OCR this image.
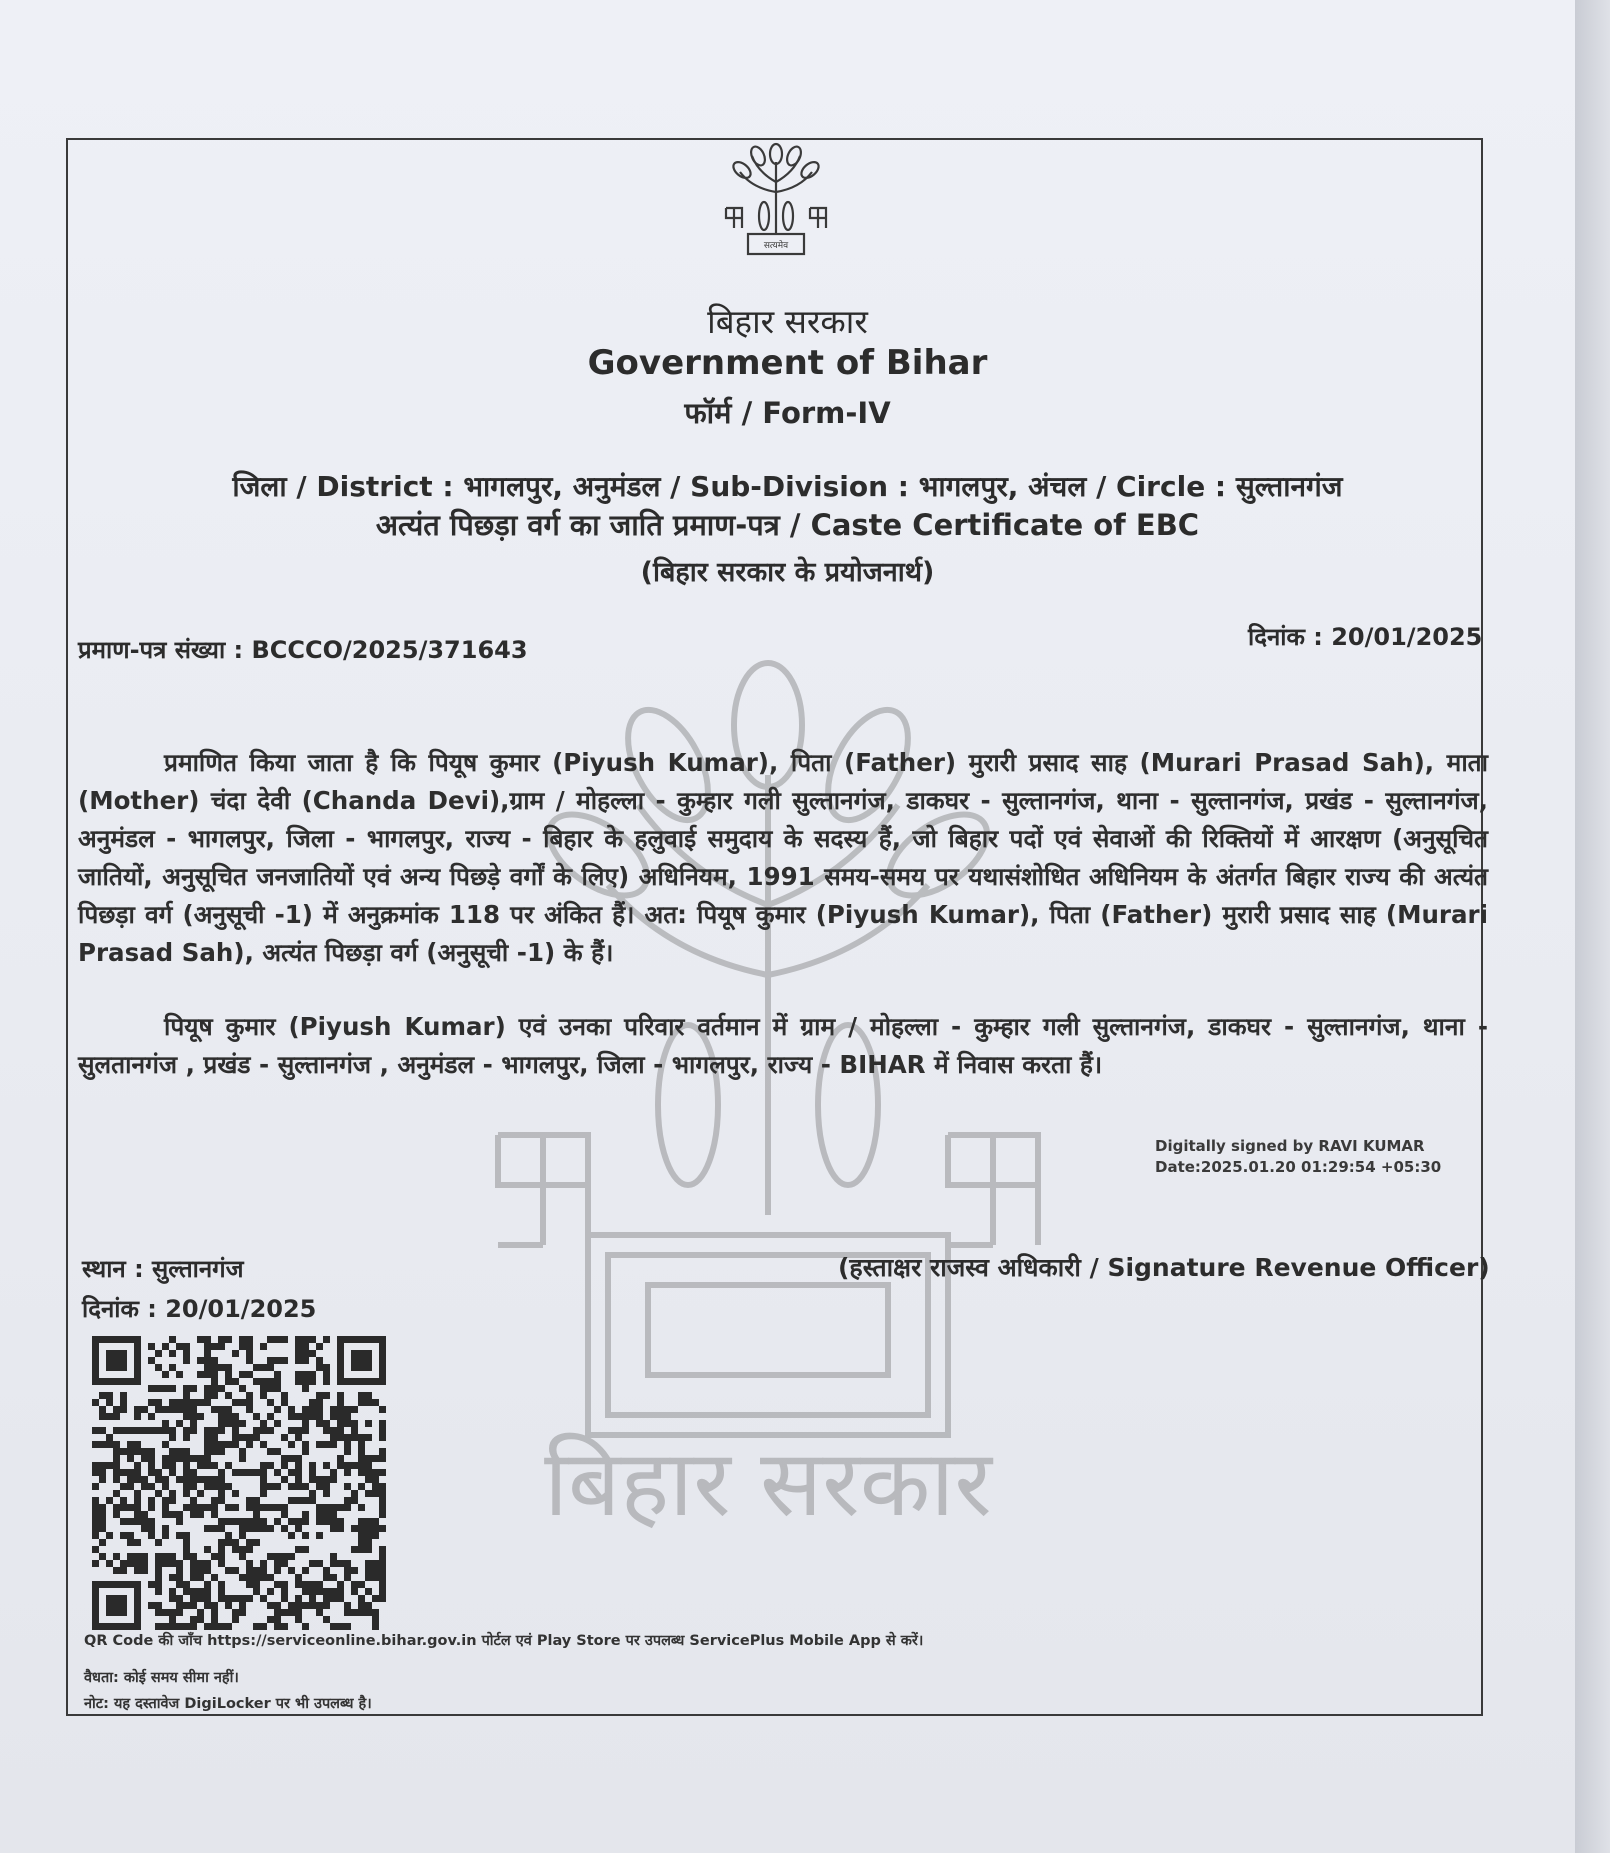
सत्यमेव
बिहार सरकार
बिहार सरकार
Government of Bihar
फॉर्म / Form-IV
जिला / District : भागलपुर, अनुमंडल / Sub-Division : भागलपुर, अंचल / Circle : सुल्तानगंज
अत्यंत पिछड़ा वर्ग का जाति प्रमाण-पत्र / Caste Certificate of EBC
(बिहार सरकार के प्रयोजनार्थ)
प्रमाण-पत्र संख्या : BCCCO/2025/371643	दिनांक : 20/01/2025
प्रमाणित किया जाता है कि पियूष कुमार (Piyush Kumar), पिता (Father) मुरारी प्रसाद साह (Murari Prasad Sah), माता (Mother) चंदा देवी (Chanda Devi),ग्राम / मोहल्ला - कुम्हार गली सुल्तानगंज, डाकघर - सुल्तानगंज, थाना - सुल्तानगंज, प्रखंड - सुल्तानगंज, अनुमंडल - भागलपुर, जिला - भागलपुर, राज्य - बिहार के हलुवाई समुदाय के सदस्य हैं, जो बिहार पदों एवं सेवाओं की रिक्तियों में आरक्षण (अनुसूचित जातियों, अनुसूचित जनजातियों एवं अन्य पिछड़े वर्गों के लिए) अधिनियम, 1991 समय-समय पर यथासंशोधित अधिनियम के अंतर्गत बिहार राज्य की अत्यंत पिछड़ा वर्ग (अनुसूची -1) में अनुक्रमांक 118 पर अंकित हैं। अत: पियूष कुमार (Piyush Kumar), पिता (Father) मुरारी प्रसाद साह (Murari Prasad Sah), अत्यंत पिछड़ा वर्ग (अनुसूची -1) के हैं।
पियूष कुमार (Piyush Kumar) एवं उनका परिवार वर्तमान में ग्राम / मोहल्ला - कुम्हार गली सुल्तानगंज, डाकघर - सुल्तानगंज, थाना - सुलतानगंज , प्रखंड - सुल्तानगंज , अनुमंडल - भागलपुर, जिला - भागलपुर, राज्य - BIHAR में निवास करता हैं।
Digitally signed by RAVI KUMAR
Date:2025.01.20 01:29:54 +05:30
(हस्ताक्षर राजस्व अधिकारी / Signature Revenue Officer)
स्थान : सुल्तानगंज
दिनांक : 20/01/2025
QR Code की जाँच https://serviceonline.bihar.gov.in पोर्टल एवं Play Store पर उपलब्ध ServicePlus Mobile App से करें।
वैधता: कोई समय सीमा नहीं।
नोट: यह दस्तावेज DigiLocker पर भी उपलब्ध है।
